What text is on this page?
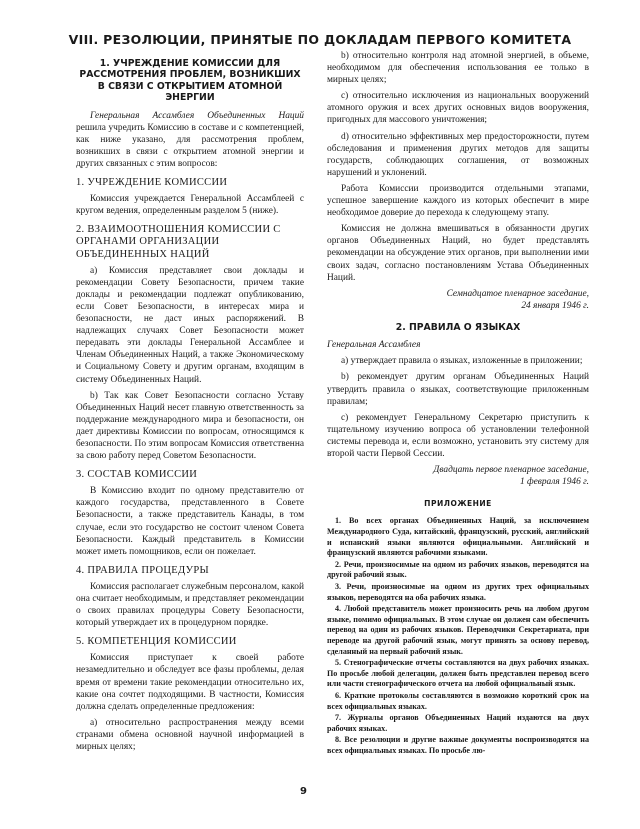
VIII. РЕЗОЛЮЦИИ, ПРИНЯТЫЕ ПО ДОКЛАДАМ ПЕРВОГО КОМИТЕТА
1. УЧРЕЖДЕНИЕ КОМИССИИ ДЛЯ РАССМОТРЕНИЯ ПРОБЛЕМ, ВОЗНИКШИХ В СВЯЗИ С ОТКРЫТИЕМ АТОМНОЙ ЭНЕРГИИ

Генеральная Ассамблея Объединенных Наций решила учредить Комиссию в составе и с компетенцией, как ниже указано, для рассмотрения проблем, возникших в связи с открытием атомной энергии и других связанных с этим вопросов:

1. УЧРЕЖДЕНИЕ КОМИССИИ

Комиссия учреждается Генеральной Ассамблеей с кругом ведения, определенным разделом 5 (ниже).

2. ВЗАИМООТНОШЕНИЯ КОМИССИИ С ОРГАНАМИ ОРГАНИЗАЦИИ ОБЪЕДИНЕННЫХ НАЦИЙ

а) Комиссия представляет свои доклады и рекомендации Совету Безопасности, причем такие доклады и рекомендации подлежат опубликованию, если Совет Безопасности, в интересах мира и безопасности, не даст иных распоряжений. В надлежащих случаях Совет Безопасности может передавать эти доклады Генеральной Ассамблее и Членам Объединенных Наций, а также Экономическому и Социальному Совету и другим органам, входящим в систему Объединенных Наций.

b) Так как Совет Безопасности согласно Уставу Объединенных Наций несет главную ответственность за поддержание международного мира и безопасности, он дает директивы Комиссии по вопросам, относящимся к безопасности. По этим вопросам Комиссия ответственна за свою работу перед Советом Безопасности.

3. СОСТАВ КОМИССИИ

В Комиссию входит по одному представителю от каждого государства, представленного в Совете Безопасности, а также представитель Канады, в том случае, если это государство не состоит членом Совета Безопасности. Каждый представитель в Комиссии может иметь помощников, если он пожелает.

4. ПРАВИЛА ПРОЦЕДУРЫ

Комиссия располагает служебным персоналом, какой она считает необходимым, и представляет рекомендации о своих правилах процедуры Совету Безопасности, который утверждает их в процедурном порядке.

5. КОМПЕТЕНЦИЯ КОМИССИИ

Комиссия приступает к своей работе незамедлительно и обследует все фазы проблемы, делая время от времени такие рекомендации относительно их, какие она сочтет подходящими. В частности, Комиссия должна сделать определенные предложения:

а) относительно распространения между всеми странами обмена основной научной информацией в мирных целях;

b) относительно контроля над атомной энергией, в объеме, необходимом для обеспечения использования ее только в мирных целях;

c) относительно исключения из национальных вооружений атомного оружия и всех других основных видов вооружения, пригодных для массового уничтожения;

d) относительно эффективных мер предосторожности, путем обследования и применения других методов для защиты государств, соблюдающих соглашения, от возможных нарушений и уклонений.

Работа Комиссии производится отдельными этапами, успешное завершение каждого из которых обеспечит в мире необходимое доверие до перехода к следующему этапу.

Комиссия не должна вмешиваться в обязанности других органов Объединенных Наций, но будет представлять рекомендации на обсуждение этих органов, при выполнении ими своих задач, согласно постановлениям Устава Объединенных Наций.

Семнадцатое пленарное заседание,
24 января 1946 г.
2. ПРАВИЛА О ЯЗЫКАХ

Генеральная Ассамблея

а) утверждает правила о языках, изложенные в приложении;

b) рекомендует другим органам Объединенных Наций утвердить правила о языках, соответствующие приложенным правилам;

c) рекомендует Генеральному Секретарю приступить к тщательному изучению вопроса об установлении телефонной системы перевода и, если возможно, установить эту систему для второй части Первой Сессии.

Двадцать первое пленарное заседание,
1 февраля 1946 г.
ПРИЛОЖЕНИЕ

1. Во всех органах Объединенных Наций, за исключением Международного Суда, китайский, французский, русский, английский и испанский языки являются официальными. Английский и французский являются рабочими языками.

2. Речи, произносимые на одном из рабочих языков, переводятся на другой рабочий язык.

3. Речи, произносимые на одном из других трех официальных языков, переводятся на оба рабочих языка.

4. Любой представитель может произносить речь на любом другом языке, помимо официальных. В этом случае он должен сам обеспечить перевод на один из рабочих языков. Переводчики Секретариата, при переводе на другой рабочий язык, могут принять за основу перевод, сделанный на первый рабочий язык.

5. Стенографические отчеты составляются на двух рабочих языках. По просьбе любой делегации, должен быть представлен перевод всего или части стенографического отчета на любой официальный язык.

6. Краткие протоколы составляются в возможно короткий срок на всех официальных языках.

7. Журналы органов Объединенных Наций издаются на двух рабочих языках.

8. Все резолюции и другие важные документы воспроизводятся на всех официальных языках. По просьбе лю-

9
